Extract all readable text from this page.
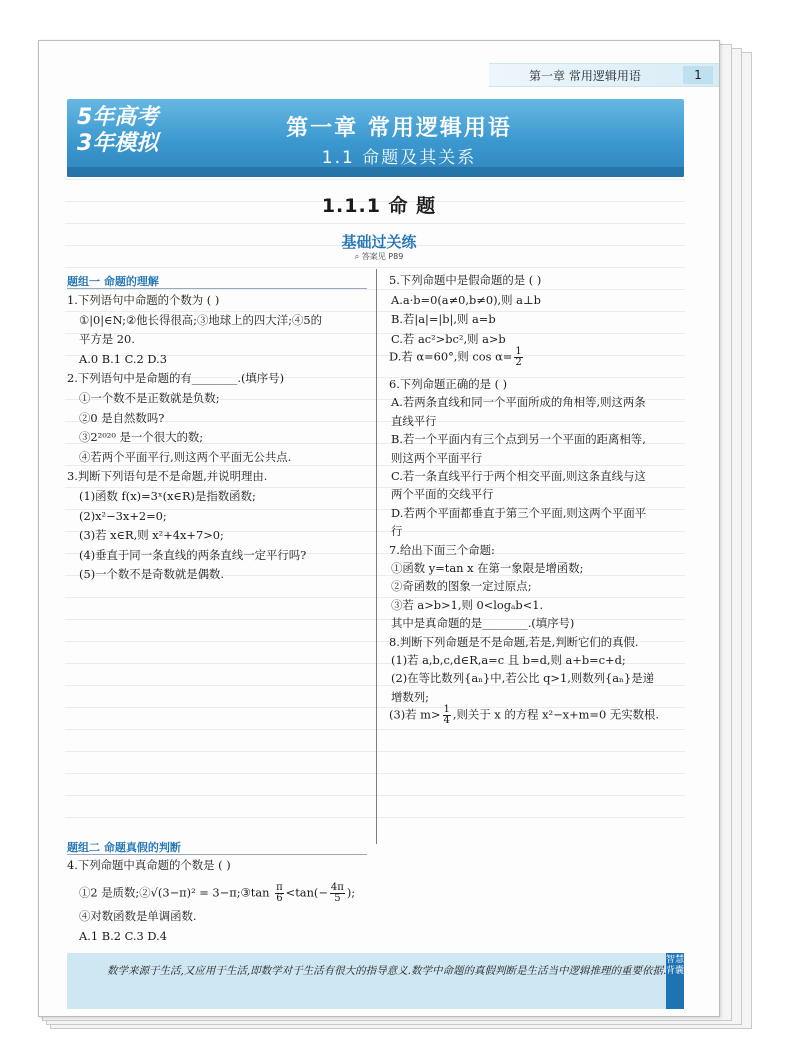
第一章 常用逻辑用语	1
5年高考
3年模拟
第一章 常用逻辑用语
1.1 命题及其关系
1.1.1 命 题
基础过关练
⌕ 答案见 P89
题组一 命题的理解
1.下列语句中命题的个数为 ( )
①|0|∈N;②他长得很高;③地球上的四大洋;④5的
平方是 20.
A.0 B.1 C.2 D.3
2.下列语句中是命题的有________.(填序号)
①一个数不是正数就是负数;
②0 是自然数吗?
③2²⁰²⁰ 是一个很大的数;
④若两个平面平行,则这两个平面无公共点.
3.判断下列语句是不是命题,并说明理由.
(1)函数 f(x)=3ˣ(x∈R)是指数函数;
(2)x²−3x+2=0;
(3)若 x∈R,则 x²+4x+7>0;
(4)垂直于同一条直线的两条直线一定平行吗?
(5)一个数不是奇数就是偶数.
题组二 命题真假的判断
4.下列命题中真命题的个数是 ( )
①2 是质数;②√(3−π)² = 3−π;③tan $\frac{\pi}{6} <\tan(- \frac{4\pi}{5}$ );
④对数函数是单调函数.
A.1 B.2 C.3 D.4
5.下列命题中是假命题的是 ( )
A.a·b=0(a≠0,b≠0),则 a⊥b
B.若|a|=|b|,则 a=b
C.若 ac²>bc²,则 a>b
D.若 α=60°,则 $\cos \alpha= \frac{1}{2}$
6.下列命题正确的是 ( )
A.若两条直线和同一个平面所成的角相等,则这两条
直线平行
B.若一个平面内有三个点到另一个平面的距离相等,
则这两个平面平行
C.若一条直线平行于两个相交平面,则这条直线与这
两个平面的交线平行
D.若两个平面都垂直于第三个平面,则这两个平面平
行
7.给出下面三个命题:
①函数 y=tan x 在第一象限是增函数;
②奇函数的图象一定过原点;
③若 a>b>1,则 0<logₐb<1.
其中是真命题的是________.(填序号)
8.判断下列命题是不是命题,若是,判断它们的真假.
(1)若 a,b,c,d∈R,a=c 且 b=d,则 a+b=c+d;
(2)在等比数列{aₙ}中,若公比 q>1,则数列{aₙ}是递
增数列;
(3)若 $m> \frac{1}{4}$ ,则关于 x 的方程 x²−x+m=0 无实数根.
数学来源于生活,又应用于生活,即数学对于生活有很大的指导意义.数学中命题的真假判断是生活当中逻辑推理的重要依据.
智慧背囊
